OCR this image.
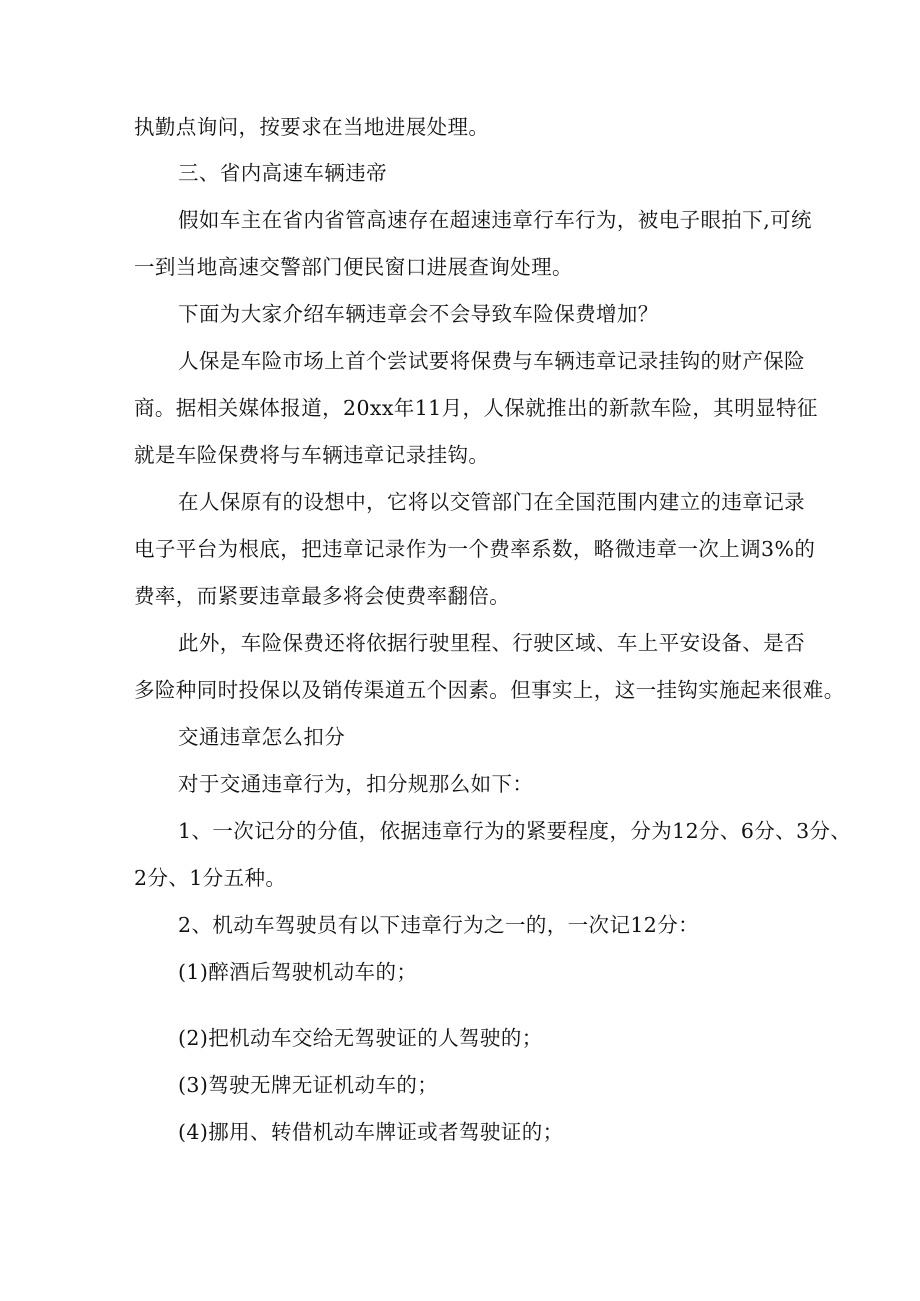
执勤点询问，按要求在当地进展处理。

三、省内高速车辆违帝

假如车主在省内省管高速存在超速违章行车行为，被电子眼拍下,可统

一到当地高速交警部门便民窗口进展查询处理。

下面为大家介绍车辆违章会不会导致车险保费增加？

人保是车险市场上首个尝试要将保费与车辆违章记录挂钩的财产保险

商。据相关媒体报道，20xx年11月，人保就推出的新款车险，其明显特征

就是车险保费将与车辆违章记录挂钩。

在人保原有的设想中，它将以交管部门在全国范围内建立的违章记录

电子平台为根底，把违章记录作为一个费率系数，略微违章一次上调3%的

费率，而紧要违章最多将会使费率翻倍。

此外，车险保费还将依据行驶里程、行驶区域、车上平安设备、是否

多险种同时投保以及销传渠道五个因素。但事实上，这一挂钩实施起来很难。

交通违章怎么扣分

对于交通违章行为，扣分规那么如下：

1、一次记分的分值，依据违章行为的紧要程度，分为12分、6分、3分、

2分、1分五种。

2、机动车驾驶员有以下违章行为之一的，一次记12分：

(1)醉酒后驾驶机动车的；

(2)把机动车交给无驾驶证的人驾驶的；

(3)驾驶无牌无证机动车的；

(4)挪用、转借机动车牌证或者驾驶证的；
